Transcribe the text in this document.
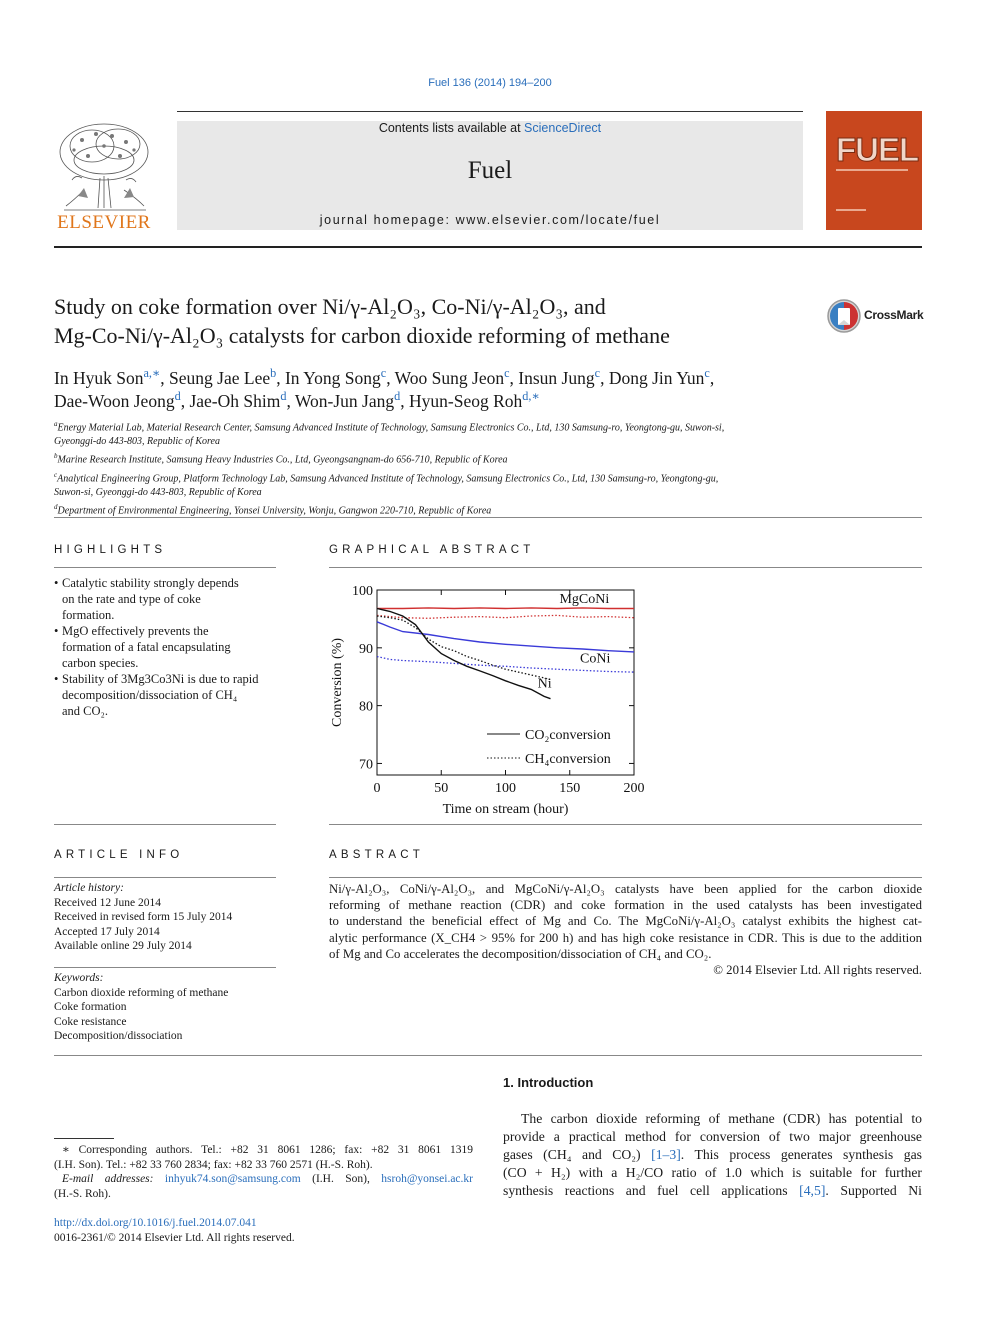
Fuel 136 (2014) 194–200
Contents lists available at ScienceDirect
Fuel
journal homepage: www.elsevier.com/locate/fuel
ELSEVIER
FUEL
Study on coke formation over Ni/γ-Al₂O₃, Co-Ni/γ-Al₂O₃, and
Mg-Co-Ni/γ-Al₂O₃ catalysts for carbon dioxide reforming of methane
CrossMark
In Hyuk Son$^{a,∗}$, Seung Jae Lee$^b$, In Yong Song$^c$, Woo Sung Jeon$^c$, Insun Jung$^c$, Dong Jin Yun$^c$,
Dae-Woon Jeong$^d$, Jae-Oh Shim$^d$, Won-Jun Jang$^d$, Hyun-Seog Roh$^{d,∗}$
$^a$Energy Material Lab, Material Research Center, Samsung Advanced Institute of Technology, Samsung Electronics Co., Ltd, 130 Samsung-ro, Yeongtong-gu, Suwon-si,
Gyeonggi-do 443-803, Republic of Korea
$^b$Marine Research Institute, Samsung Heavy Industries Co., Ltd, Gyeongsangnam-do 656-710, Republic of Korea
$^c$Analytical Engineering Group, Platform Technology Lab, Samsung Advanced Institute of Technology, Samsung Electronics Co., Ltd, 130 Samsung-ro, Yeongtong-gu,
Suwon-si, Gyeonggi-do 443-803, Republic of Korea
$^d$Department of Environmental Engineering, Yonsei University, Wonju, Gangwon 220-710, Republic of Korea
HIGHLIGHTS
• Catalytic stability strongly depends
on the rate and type of coke
formation.
• MgO effectively prevents the
formation of a fatal encapsulating
carbon species.
• Stability of 3Mg3Co3Ni is due to rapid
decomposition/dissociation of CH₄
and CO₂.
GRAPHICAL ABSTRACT
0	50	100	150	200
70
80
90
100
Time on stream (hour)
Conversion (%)
MgCoNi
CoNi
Ni
CO₂conversion
CH₄conversion
ARTICLE INFO
Article history:
Received 12 June 2014
Received in revised form 15 July 2014
Accepted 17 July 2014
Available online 29 July 2014
Keywords:
Carbon dioxide reforming of methane
Coke formation
Coke resistance
Decomposition/dissociation
ABSTRACT
Ni/γ-Al₂O₃, CoNi/γ-Al₂O₃, and MgCoNi/γ-Al₂O₃ catalysts have been applied for the carbon dioxide
reforming of methane reaction (CDR) and coke formation in the used catalysts has been investigated
to understand the beneficial effect of Mg and Co. The MgCoNi/γ-Al₂O₃ catalyst exhibits the highest cat-
alytic performance (X_CH4 > 95% for 200 h) and has high coke resistance in CDR. This is due to the addition
of Mg and Co accelerates the decomposition/dissociation of CH₄ and CO₂.
© 2014 Elsevier Ltd. All rights reserved.
1. Introduction
The carbon dioxide reforming of methane (CDR) has potential to
provide a practical method for conversion of two major greenhouse
gases (CH₄ and CO₂) [1–3]. This process generates synthesis gas
(CO + H₂) with a H₂/CO ratio of 1.0 which is suitable for further
synthesis reactions and fuel cell applications [4,5]. Supported Ni
∗ Corresponding authors. Tel.: +82 31 8061 1286; fax: +82 31 8061 1319
(I.H. Son). Tel.: +82 33 760 2834; fax: +82 33 760 2571 (H.-S. Roh).
E-mail addresses: inhyuk74.son@samsung.com (I.H. Son), hsroh@yonsei.ac.kr
(H.-S. Roh).
http://dx.doi.org/10.1016/j.fuel.2014.07.041
0016-2361/© 2014 Elsevier Ltd. All rights reserved.
